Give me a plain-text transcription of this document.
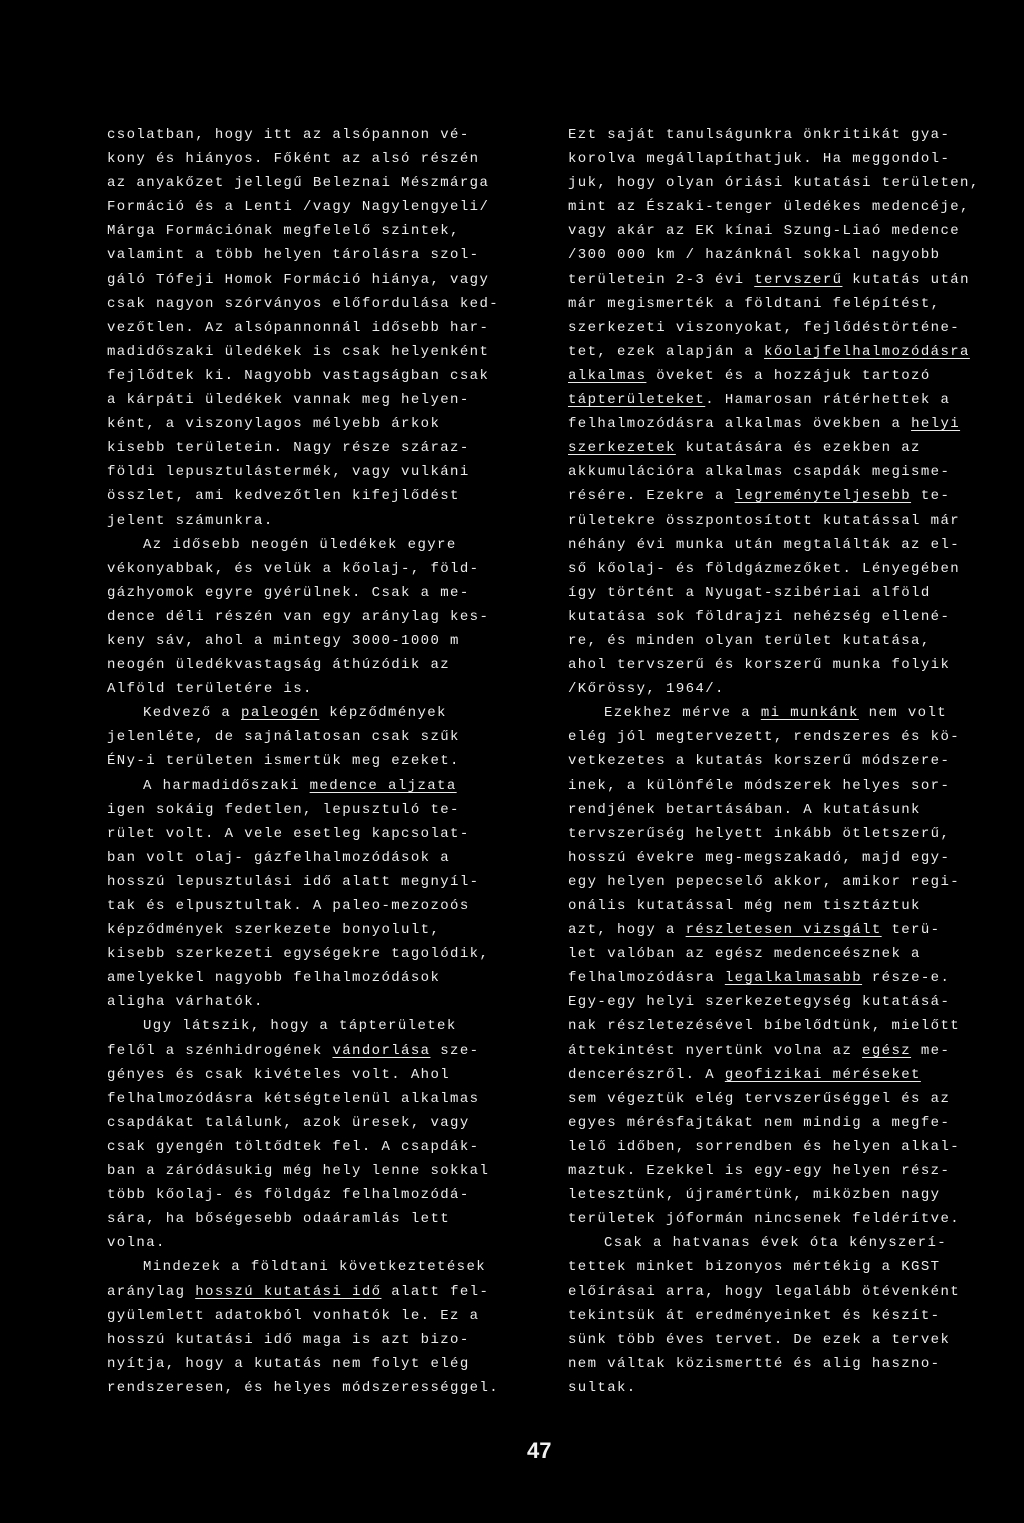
csolatban, hogy itt az alsópannon vé-
kony és hiányos. Főként az alsó részén
az anyakőzet jellegű Beleznai Mészmárga
Formáció és a Lenti /vagy Nagylengyeli/
Márga Formációnak megfelelő szintek,
valamint a több helyen tárolásra szol-
gáló Tófeji Homok Formáció hiánya, vagy
csak nagyon szórványos előfordulása ked-
vezőtlen. Az alsópannonnál idősebb har-
madidőszaki üledékek is csak helyenként
fejlődtek ki. Nagyobb vastagságban csak
a kárpáti üledékek vannak meg helyen-
ként, a viszonylagos mélyebb árkok
kisebb területein. Nagy része száraz-
földi lepusztulástermék, vagy vulkáni
összlet, ami kedvezőtlen kifejlődést
jelent számunkra.
Az idősebb neogén üledékek egyre
vékonyabbak, és velük a kőolaj-, föld-
gázhyomok egyre gyérülnek. Csak a me-
dence déli részén van egy aránylag kes-
keny sáv, ahol a mintegy 3000-1000 m
neogén üledékvastagság áthúzódik az
Alföld területére is.
Kedvező a paleogén képződmények
jelenléte, de sajnálatosan csak szűk
ÉNy-i területen ismertük meg ezeket.
A harmadidőszaki medence aljzata
igen sokáig fedetlen, lepusztuló te-
rület volt. A vele esetleg kapcsolat-
ban volt olaj- gázfelhalmozódások a
hosszú lepusztulási idő alatt megnyíl-
tak és elpusztultak. A paleo-mezozoós
képződmények szerkezete bonyolult,
kisebb szerkezeti egységekre tagolódik,
amelyekkel nagyobb felhalmozódások
aligha várhatók.
Ugy látszik, hogy a tápterületek
felől a szénhidrogének vándorlása sze-
gényes és csak kivételes volt. Ahol
felhalmozódásra kétségtelenül alkalmas
csapdákat találunk, azok üresek, vagy
csak gyengén töltődtek fel. A csapdák-
ban a záródásukig még hely lenne sokkal
több kőolaj- és földgáz felhalmozódá-
sára, ha bőségesebb odaáramlás lett
volna.
Mindezek a földtani következtetések
aránylag hosszú kutatási idő alatt fel-
gyülemlett adatokból vonhatók le. Ez a
hosszú kutatási idő maga is azt bizo-
nyítja, hogy a kutatás nem folyt elég
rendszeresen, és helyes módszerességgel.
Ezt saját tanulságunkra önkritikát gya-
korolva megállapíthatjuk. Ha meggondol-
juk, hogy olyan óriási kutatási területen,
mint az Északi-tenger üledékes medencéje,
vagy akár az EK kínai Szung-Liaó medence
/300 000 km / hazánknál sokkal nagyobb
területein 2-3 évi tervszerű kutatás után
már megismerték a földtani felépítést,
szerkezeti viszonyokat, fejlődéstörténe-
tet, ezek alapján a kőolajfelhalmozódásra
alkalmas öveket és a hozzájuk tartozó
tápterületeket. Hamarosan rátérhettek a
felhalmozódásra alkalmas övekben a helyi
szerkezetek kutatására és ezekben az
akkumulációra alkalmas csapdák megisme-
résére. Ezekre a legreményteljesebb te-
rületekre összpontosított kutatással már
néhány évi munka után megtalálták az el-
ső kőolaj- és földgázmezőket. Lényegében
így történt a Nyugat-szibériai alföld
kutatása sok földrajzi nehézség ellené-
re, és minden olyan terület kutatása,
ahol tervszerű és korszerű munka folyik
/Kőrössy, 1964/.
Ezekhez mérve a mi munkánk nem volt
elég jól megtervezett, rendszeres és kö-
vetkezetes a kutatás korszerű módszere-
inek, a különféle módszerek helyes sor-
rendjének betartásában. A kutatásunk
tervszerűség helyett inkább ötletszerű,
hosszú évekre meg-megszakadó, majd egy-
egy helyen pepecselő akkor, amikor regi-
onális kutatással még nem tisztáztuk
azt, hogy a részletesen vizsgált terü-
let valóban az egész medenceésznek a
felhalmozódásra legalkalmasabb része-e.
Egy-egy helyi szerkezetegység kutatásá-
nak részletezésével bíbelődtünk, mielőtt
áttekintést nyertünk volna az egész me-
dencerészről. A geofizikai méréseket
sem végeztük elég tervszerűséggel és az
egyes mérésfajtákat nem mindig a megfe-
lelő időben, sorrendben és helyen alkal-
maztuk. Ezekkel is egy-egy helyen rész-
letesztünk, újramértünk, miközben nagy
területek jóformán nincsenek feldérítve.
Csak a hatvanas évek óta kényszerí-
tettek minket bizonyos mértékig a KGST
előírásai arra, hogy legalább ötévenként
tekintsük át eredményeinket és készít-
sünk több éves tervet. De ezek a tervek
nem váltak közismertté és alig haszno-
sultak.
47
